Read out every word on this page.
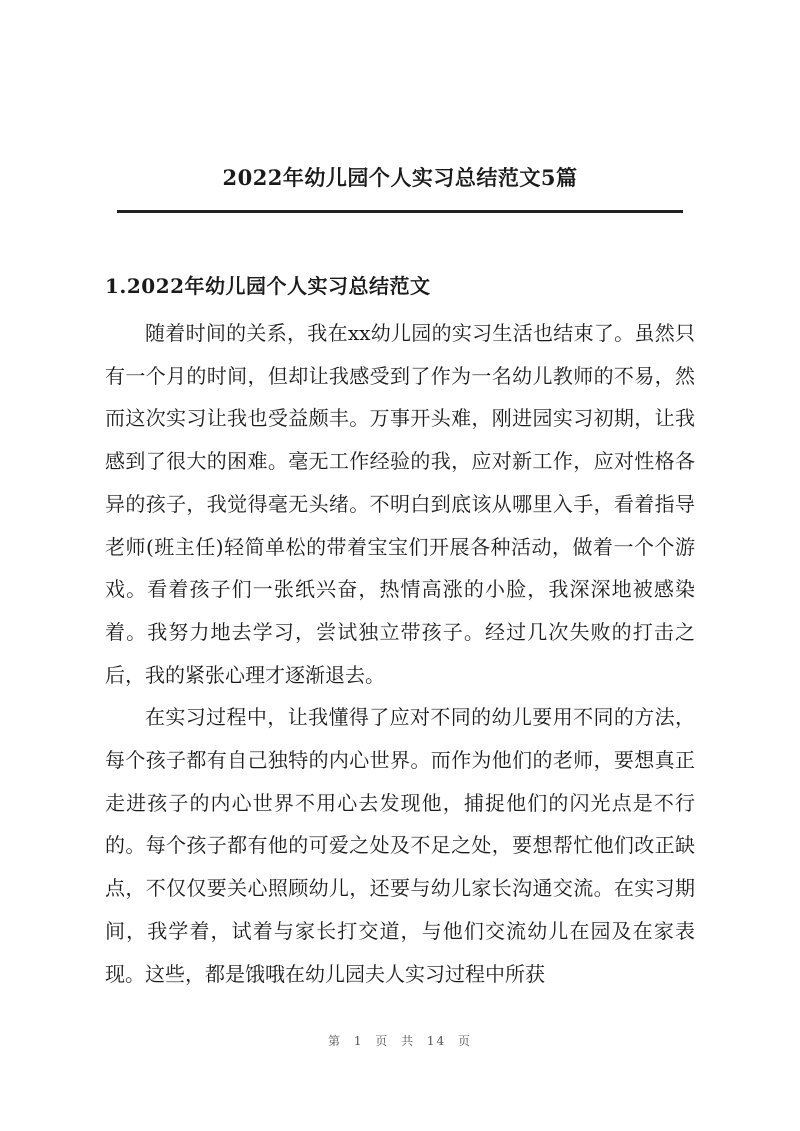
2022年幼儿园个人实习总结范文5篇
1.2022年幼儿园个人实习总结范文

随着时间的关系，我在xx幼儿园的实习生活也结束了。虽然只有一个月的时间，但却让我感受到了作为一名幼儿教师的不易，然而这次实习让我也受益颇丰。万事开头难，刚进园实习初期，让我感到了很大的困难。毫无工作经验的我，应对新工作，应对性格各异的孩子，我觉得毫无头绪。不明白到底该从哪里入手，看着指导老师(班主任)轻简单松的带着宝宝们开展各种活动，做着一个个游戏。看着孩子们一张纸兴奋，热情高涨的小脸，我深深地被感染着。我努力地去学习，尝试独立带孩子。经过几次失败的打击之后，我的紧张心理才逐渐退去。

在实习过程中，让我懂得了应对不同的幼儿要用不同的方法，每个孩子都有自己独特的内心世界。而作为他们的老师，要想真正走进孩子的内心世界不用心去发现他，捕捉他们的闪光点是不行的。每个孩子都有他的可爱之处及不足之处，要想帮忙他们改正缺点，不仅仅要关心照顾幼儿，还要与幼儿家长沟通交流。在实习期间，我学着，试着与家长打交道，与他们交流幼儿在园及在家表现。这些，都是饿哦在幼儿园夫人实习过程中所获

第 1 页 共 14 页
